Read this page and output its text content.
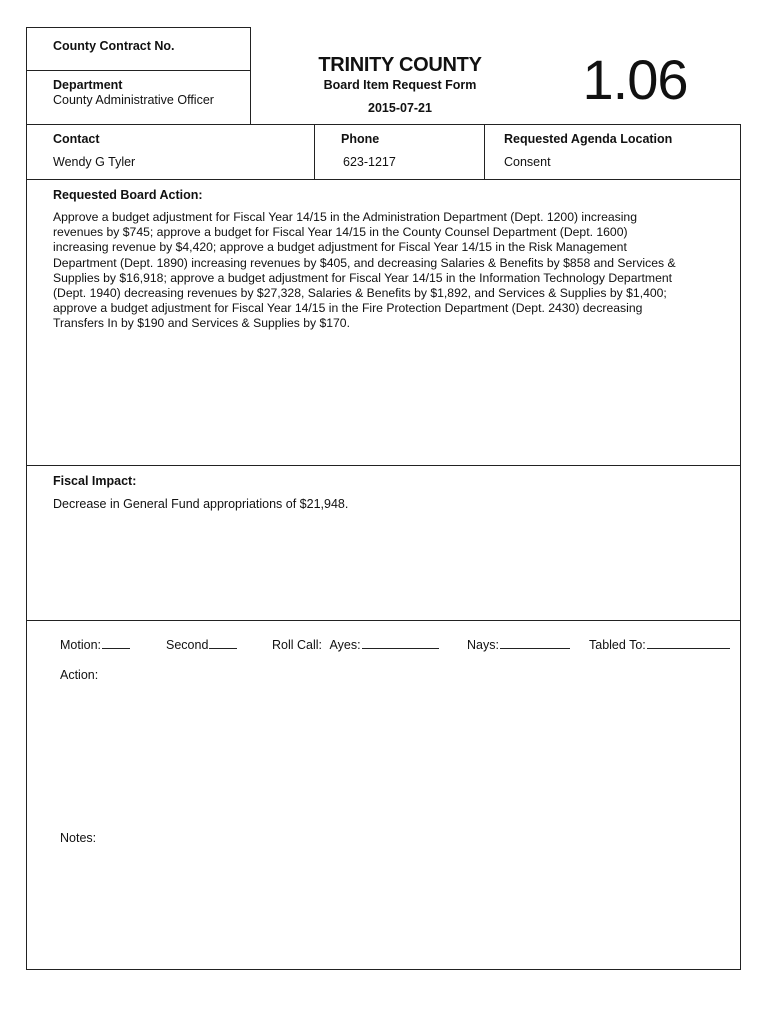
County Contract No.
Department
County Administrative Officer
TRINITY COUNTY
Board Item Request Form
2015-07-21	1.06
Contact
Wendy G Tyler
Phone
623-1217
Requested Agenda Location
Consent
Requested Board Action:
Approve a budget adjustment for Fiscal Year 14/15 in the Administration Department (Dept. 1200) increasing
revenues by $745; approve a budget for Fiscal Year 14/15 in the County Counsel Department (Dept. 1600)
increasing revenue by $4,420; approve a budget adjustment for Fiscal Year 14/15 in the Risk Management
Department (Dept. 1890) increasing revenues by $405, and decreasing Salaries & Benefits by $858 and Services &
Supplies by $16,918; approve a budget adjustment for Fiscal Year 14/15 in the Information Technology Department
(Dept. 1940) decreasing revenues by $27,328, Salaries & Benefits by $1,892, and Services & Supplies by $1,400;
approve a budget adjustment for Fiscal Year 14/15 in the Fire Protection Department (Dept. 2430) decreasing
Transfers In by $190 and Services & Supplies by $170.
Fiscal Impact:
Decrease in General Fund appropriations of $21,948.
Motion:	Second	Roll Call: Ayes:	Nays:	Tabled To:
Action:
Notes:
